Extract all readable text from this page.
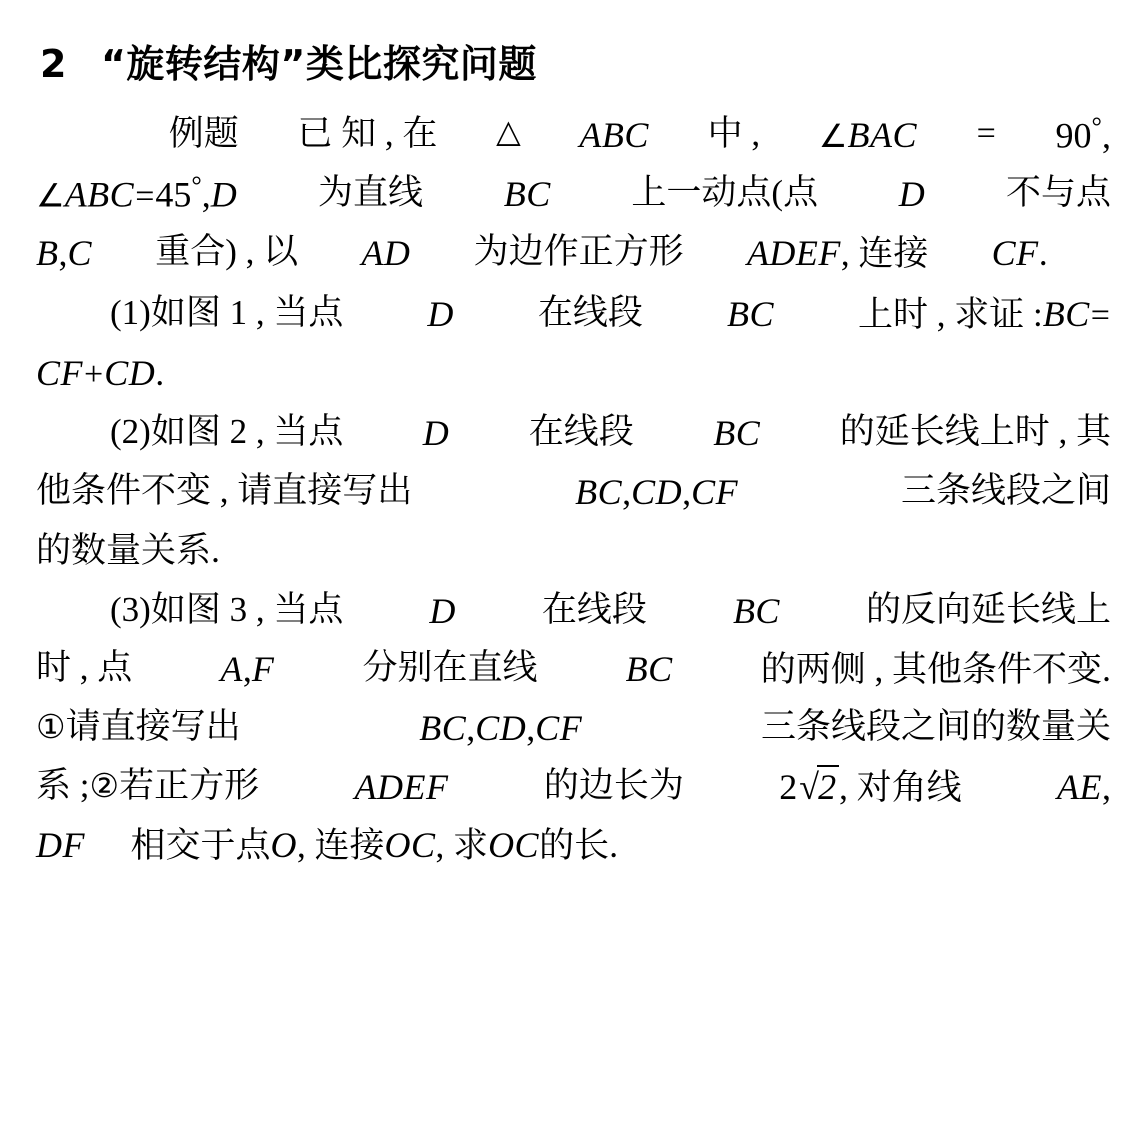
2 “旋转结构”类比探究问题
例题 已 知 , 在 △ ABC 中 , ∠BAC = 90°,
∠ABC=45°,D 为直线 BC 上一动点(点 D 不与点
B,C 重合) , 以 AD 为边作正方形 ADEF, 连接 CF.
(1)如图 1 , 当点 D 在线段 BC 上时 , 求证 :BC=
CF+CD.
(2)如图 2 , 当点 D 在线段 BC 的延长线上时 , 其
他条件不变 , 请直接写出	BC,CD,CF	三条线段之间
的数量关系.
(3)如图 3 , 当点 D 在线段 BC 的反向延长线上
时 , 点 A,F	分别在直线 BC	的两侧 , 其他条件不变.
①请直接写出	BC,CD,CF	三条线段之间的数量关
系 ;②若正方形	ADEF	的边长为	2√2, 对角线	AE,
DF 相交于点O, 连接OC, 求OC的长.
